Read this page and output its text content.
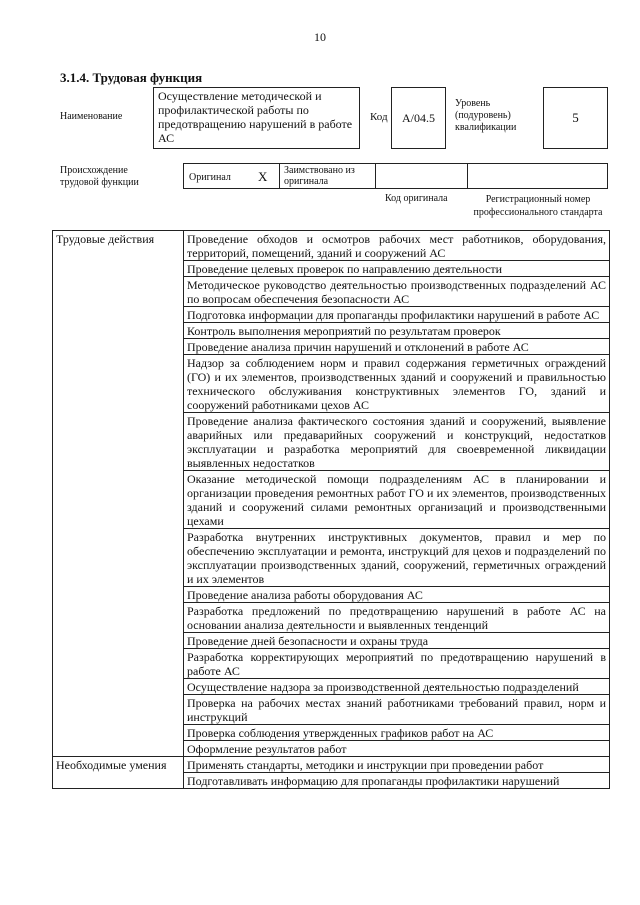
10
3.1.4. Трудовая функция
Наименование
Осуществление методической и профилактической работы по предотвращению нарушений в работе АС
Код	A/04.5
Уровень (подуровень) квалификации
5
Происхождение трудовой функции	Оригинал X Заимствовано из оригинала
Код оригинала	Регистрационный номер профессионального стандарта
Трудовые действия	Проведение обходов и осмотров рабочих мест работников, оборудования, территорий, помещений, зданий и сооружений АС
	Проведение целевых проверок по направлению деятельности
	Методическое руководство деятельностью производственных подразделений АС по вопросам обеспечения безопасности АС
	Подготовка информации для пропаганды профилактики нарушений в работе АС
	Контроль выполнения мероприятий по результатам проверок
	Проведение анализа причин нарушений и отклонений в работе АС
	Надзор за соблюдением норм и правил содержания герметичных ограждений (ГО) и их элементов, производственных зданий и сооружений и правильностью технического обслуживания конструктивных элементов ГО, зданий и сооружений работниками цехов АС
	Проведение анализа фактического состояния зданий и сооружений, выявление аварийных или предаварийных сооружений и конструкций, недостатков эксплуатации и разработка мероприятий для своевременной ликвидации выявленных недостатков
	Оказание методической помощи подразделениям АС в планировании и организации проведения ремонтных работ ГО и их элементов, производственных зданий и сооружений силами ремонтных организаций и производственными цехами
	Разработка внутренних инструктивных документов, правил и мер по обеспечению эксплуатации и ремонта, инструкций для цехов и подразделений по эксплуатации производственных зданий, сооружений, герметичных ограждений и их элементов
	Проведение анализа работы оборудования АС
	Разработка предложений по предотвращению нарушений в работе АС на основании анализа деятельности и выявленных тенденций
	Проведение дней безопасности и охраны труда
	Разработка корректирующих мероприятий по предотвращению нарушений в работе АС
	Осуществление надзора за производственной деятельностью подразделений
	Проверка на рабочих местах знаний работниками требований правил, норм и инструкций
	Проверка соблюдения утвержденных графиков работ на АС
	Оформление результатов работ
Необходимые умения	Применять стандарты, методики и инструкции при проведении работ
	Подготавливать информацию для пропаганды профилактики нарушений
